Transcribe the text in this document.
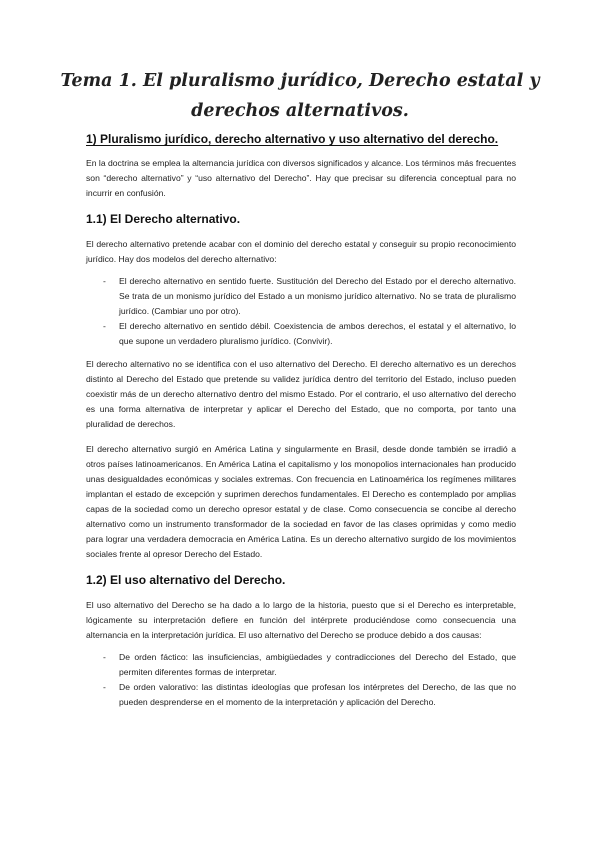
Tema 1. El pluralismo jurídico, Derecho estatal y
derechos alternativos.
1) Pluralismo jurídico, derecho alternativo y uso alternativo del derecho.

En la doctrina se emplea la alternancia jurídica con diversos significados y alcance. Los términos más frecuentes son “derecho alternativo” y “uso alternativo del Derecho”. Hay que precisar su diferencia conceptual para no incurrir en confusión.

1.1) El Derecho alternativo.

El derecho alternativo pretende acabar con el dominio del derecho estatal y conseguir su propio reconocimiento jurídico. Hay dos modelos del derecho alternativo:

- El derecho alternativo en sentido fuerte. Sustitución del Derecho del Estado por el derecho alternativo. Se trata de un monismo jurídico del Estado a un monismo jurídico alternativo. No se trata de pluralismo jurídico. (Cambiar uno por otro).
- El derecho alternativo en sentido débil. Coexistencia de ambos derechos, el estatal y el alternativo, lo que supone un verdadero pluralismo jurídico. (Convivir).

El derecho alternativo no se identifica con el uso alternativo del Derecho. El derecho alternativo es un derechos distinto al Derecho del Estado que pretende su validez jurídica dentro del territorio del Estado, incluso pueden coexistir más de un derecho alternativo dentro del mismo Estado. Por el contrario, el uso alternativo del derecho es una forma alternativa de interpretar y aplicar el Derecho del Estado, que no comporta, por tanto una pluralidad de derechos.

El derecho alternativo surgió en América Latina y singularmente en Brasil, desde donde también se irradió a otros países latinoamericanos. En América Latina el capitalismo y los monopolios internacionales han producido unas desigualdades económicas y sociales extremas. Con frecuencia en Latinoamérica los regímenes militares implantan el estado de excepción y suprimen derechos fundamentales. El Derecho es contemplado por amplias capas de la sociedad como un derecho opresor estatal y de clase. Como consecuencia se concibe al derecho alternativo como un instrumento transformador de la sociedad en favor de las clases oprimidas y como medio para lograr una verdadera democracia en América Latina. Es un derecho alternativo surgido de los movimientos sociales frente al opresor Derecho del Estado.

1.2) El uso alternativo del Derecho.

El uso alternativo del Derecho se ha dado a lo largo de la historia, puesto que si el Derecho es interpretable, lógicamente su interpretación defiere en función del intérprete produciéndose como consecuencia una alternancia en la interpretación jurídica. El uso alternativo del Derecho se produce debido a dos causas:

- De orden fáctico: las insuficiencias, ambigüedades y contradicciones del Derecho del Estado, que permiten diferentes formas de interpretar.
- De orden valorativo: las distintas ideologías que profesan los intérpretes del Derecho, de las que no pueden desprenderse en el momento de la interpretación y aplicación del Derecho.
